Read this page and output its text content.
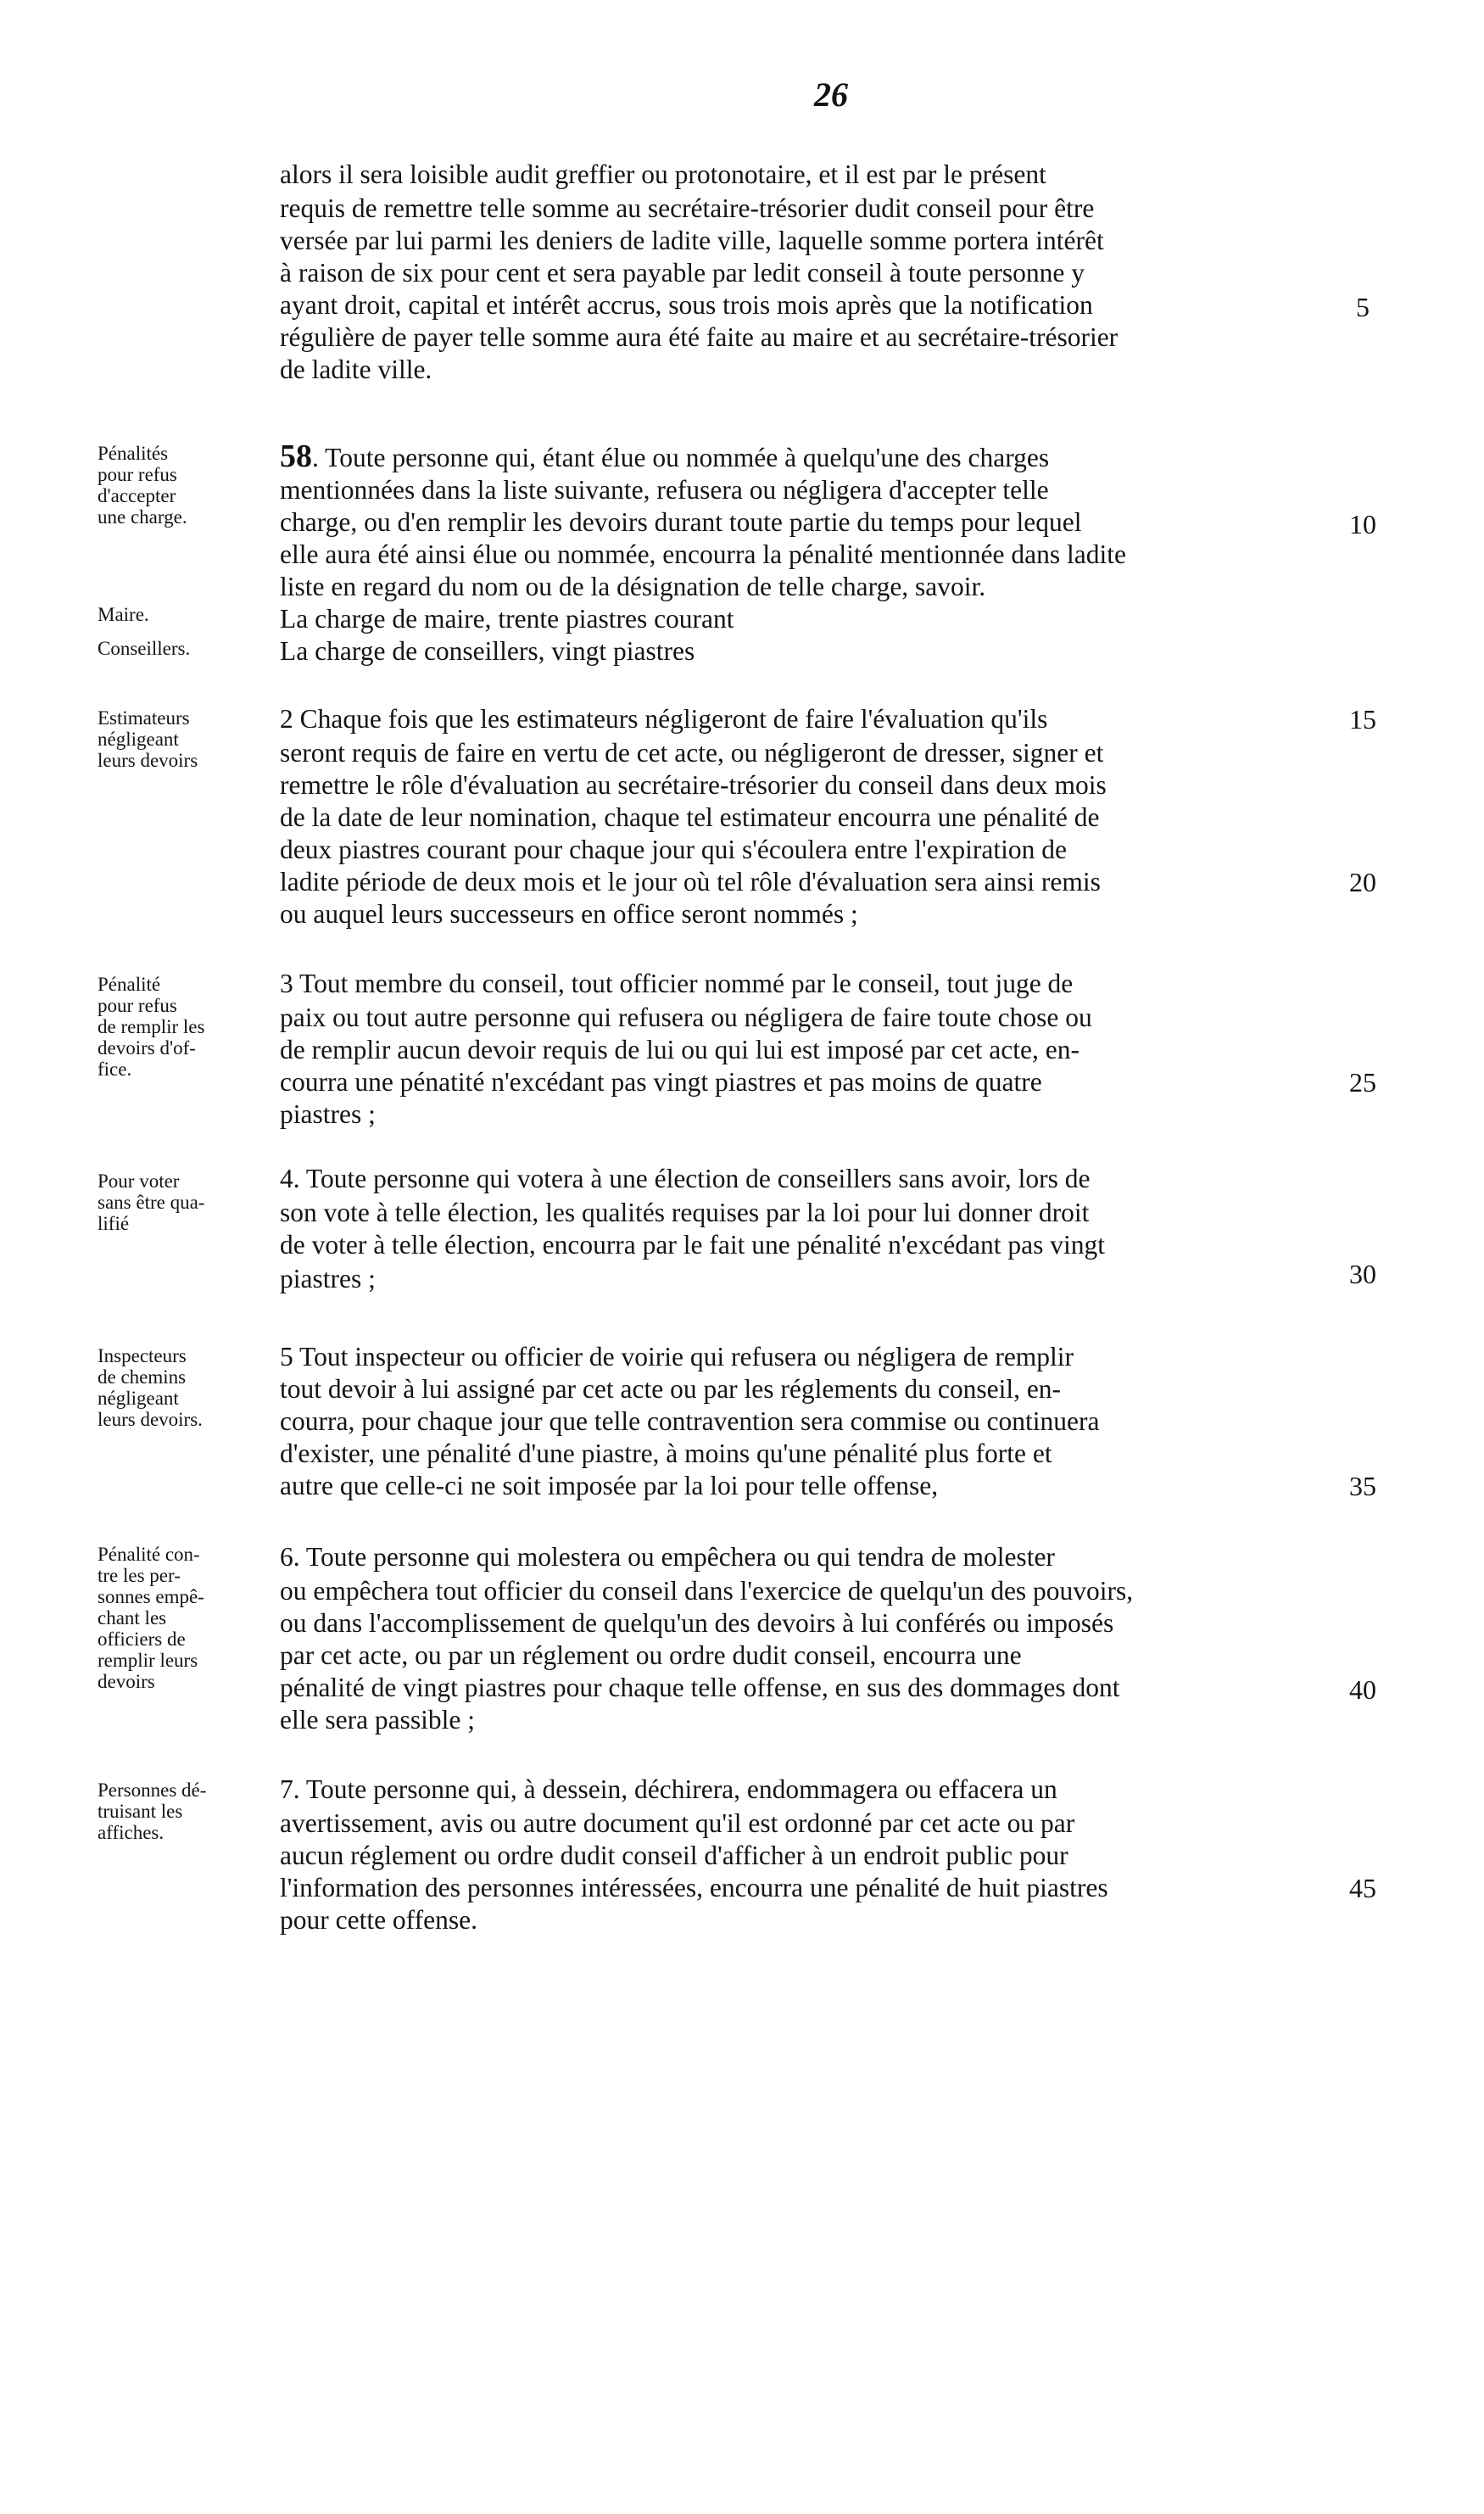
26
alors il sera loisible audit greffier ou protonotaire, et il est par le présent
requis de remettre telle somme au secrétaire-trésorier dudit conseil pour être
versée par lui parmi les deniers de ladite ville, laquelle somme portera intérêt
à raison de six pour cent et sera payable par ledit conseil à toute personne y
ayant droit, capital et intérêt accrus, sous trois mois après que la notification
régulière de payer telle somme aura été faite au maire et au secrétaire-trésorier
de ladite ville.
58. Toute personne qui, étant élue ou nommée à quelqu'une des charges
mentionnées dans la liste suivante, refusera ou négligera d'accepter telle
charge, ou d'en remplir les devoirs durant toute partie du temps pour lequel
elle aura été ainsi élue ou nommée, encourra la pénalité mentionnée dans ladite
liste en regard du nom ou de la désignation de telle charge, savoir.
La charge de maire, trente piastres courant
La charge de conseillers, vingt piastres
2 Chaque fois que les estimateurs négligeront de faire l'évaluation qu'ils
seront requis de faire en vertu de cet acte, ou négligeront de dresser, signer et
remettre le rôle d'évaluation au secrétaire-trésorier du conseil dans deux mois
de la date de leur nomination, chaque tel estimateur encourra une pénalité de
deux piastres courant pour chaque jour qui s'écoulera entre l'expiration de
ladite période de deux mois et le jour où tel rôle d'évaluation sera ainsi remis
ou auquel leurs successeurs en office seront nommés ;
3 Tout membre du conseil, tout officier nommé par le conseil, tout juge de
paix ou tout autre personne qui refusera ou négligera de faire toute chose ou
de remplir aucun devoir requis de lui ou qui lui est imposé par cet acte, en-
courra une pénatité n'excédant pas vingt piastres et pas moins de quatre
piastres ;
4. Toute personne qui votera à une élection de conseillers sans avoir, lors de
son vote à telle élection, les qualités requises par la loi pour lui donner droit
de voter à telle élection, encourra par le fait une pénalité n'excédant pas vingt
piastres ;
5 Tout inspecteur ou officier de voirie qui refusera ou négligera de remplir
tout devoir à lui assigné par cet acte ou par les réglements du conseil, en-
courra, pour chaque jour que telle contravention sera commise ou continuera
d'exister, une pénalité d'une piastre, à moins qu'une pénalité plus forte et
autre que celle-ci ne soit imposée par la loi pour telle offense,
6. Toute personne qui molestera ou empêchera ou qui tendra de molester
ou empêchera tout officier du conseil dans l'exercice de quelqu'un des pouvoirs,
ou dans l'accomplissement de quelqu'un des devoirs à lui conférés ou imposés
par cet acte, ou par un réglement ou ordre dudit conseil, encourra une
pénalité de vingt piastres pour chaque telle offense, en sus des dommages dont
elle sera passible ;
7. Toute personne qui, à dessein, déchirera, endommagera ou effacera un
avertissement, avis ou autre document qu'il est ordonné par cet acte ou par
aucun réglement ou ordre dudit conseil d'afficher à un endroit public pour
l'information des personnes intéressées, encourra une pénalité de huit piastres
pour cette offense.
Pénalités
pour refus
d'accepter
une charge.
Maire.
Conseillers.
Estimateurs
négligeant
leurs devoirs
Pénalité
pour refus
de remplir les
devoirs d'of-
fice.
Pour voter
sans être qua-
lifié
Inspecteurs
de chemins
négligeant
leurs devoirs.
Pénalité con-
tre les per-
sonnes empê-
chant les
officiers de
remplir leurs
devoirs
Personnes dé-
truisant les
affiches.
5
10
15
20
25
30
35
40
45
